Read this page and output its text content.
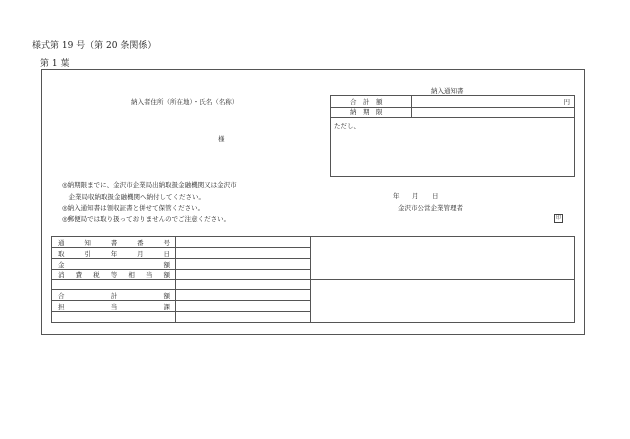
様式第 19 号（第 20 条関係）
第 1 葉
納入者住所（所在地）・氏名（名称）
様
納入通知書
合　計　額	円
納　期　限
ただし、
◎納期限までに、金沢市企業局出納取扱金融機関又は金沢市
　企業局収納取扱金融機関へ納付してください。
◎納入通知書は領収証書と併せて保管ください。
◎郵便局では取り扱っておりませんのでご注意ください。
年 月 日
金沢市公営企業管理者
印
通	知	書	番	号
取	引	年	月	日
金	額
消 費 税 等 相 当 額
合	計	額
担	当	課
